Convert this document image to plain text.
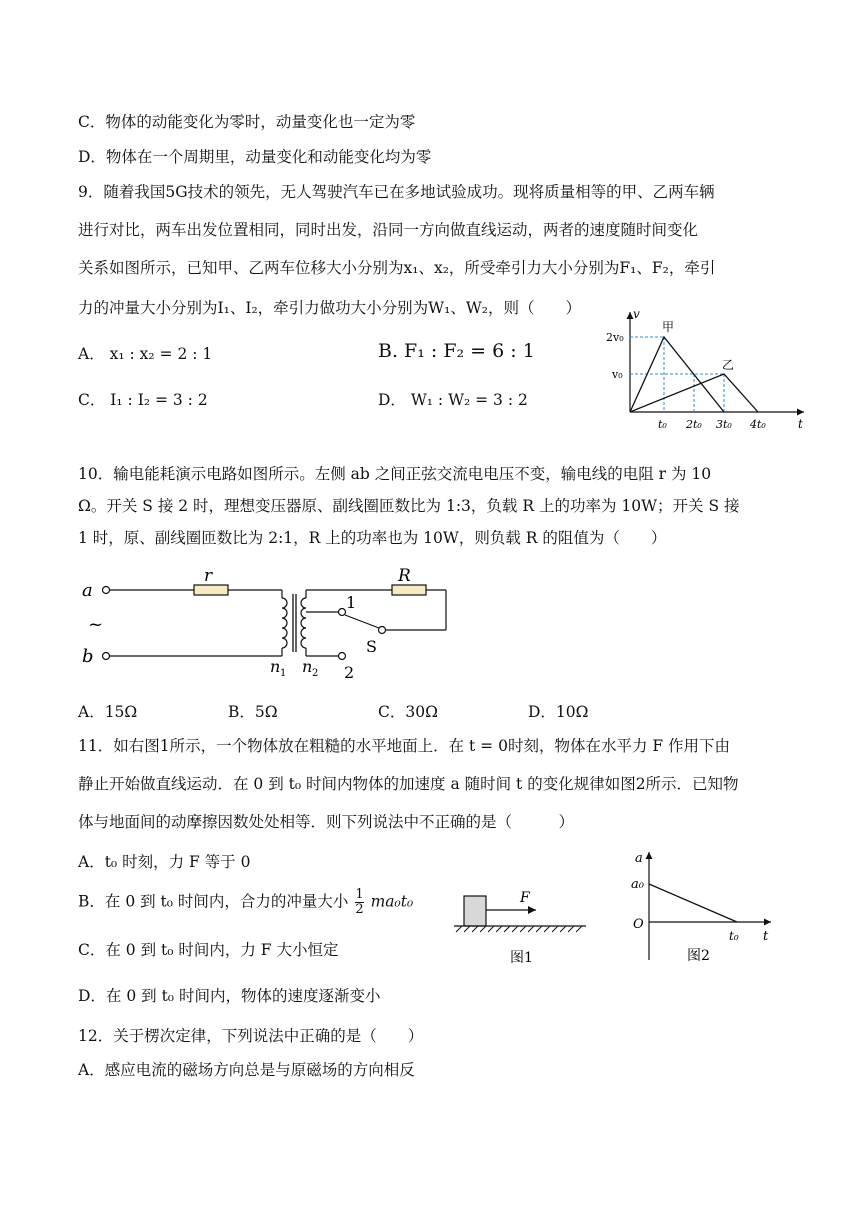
C．物体的动能变化为零时，动量变化也一定为零
D．物体在一个周期里，动量变化和动能变化均为零
9．随着我国5G技术的领先，无人驾驶汽车已在多地试验成功。现将质量相等的甲、乙两车辆
进行对比，两车出发位置相同，同时出发，沿同一方向做直线运动，两者的速度随时间变化
关系如图所示，已知甲、乙两车位移大小分别为x₁、x₂，所受牵引力大小分别为F₁、F₂，牵引
力的冲量大小分别为I₁、I₂，牵引力做功大小分别为W₁、W₂，则（　　）
A． x₁ : x₂ = 2 : 1	B. F₁ : F₂ = 6 : 1
C． I₁ : I₂ = 3 : 2	D． W₁ : W₂ = 3 : 2
v
t
甲
乙
2v₀
v₀
t₀ 2t₀ 3t₀ 4t₀
10．输电能耗演示电路如图所示。左侧 ab 之间正弦交流电电压不变，输电线的电阻 r 为 10
Ω。开关 S 接 2 时，理想变压器原、副线圈匝数比为 1:3，负载 R 上的功率为 10W；开关 S 接
1 时，原、副线圈匝数比为 2:1，R 上的功率也为 10W，则负载 R 的阻值为（　　）
a
b
~
r	R
1
S
2
n 1 n 2
A．15Ω	B．5Ω	C．30Ω	D．10Ω
11．如右图1所示，一个物体放在粗糙的水平地面上．在 t = 0时刻，物体在水平力 F 作用下由
静止开始做直线运动．在 0 到 t₀ 时间内物体的加速度 a 随时间 t 的变化规律如图2所示．已知物
体与地面间的动摩擦因数处处相等．则下列说法中不正确的是（　　　）
A．t₀ 时刻，力 F 等于 0
B．在 0 到 t₀ 时间内，合力的冲量大小 $\frac{1}{2} ma_0t_0$
C．在 0 到 t₀ 时间内，力 F 大小恒定
D．在 0 到 t₀ 时间内，物体的速度逐渐变小
F
图1
a
a₀
O
t₀ t
图2
12．关于楞次定律，下列说法中正确的是（　　）
A．感应电流的磁场方向总是与原磁场的方向相反
